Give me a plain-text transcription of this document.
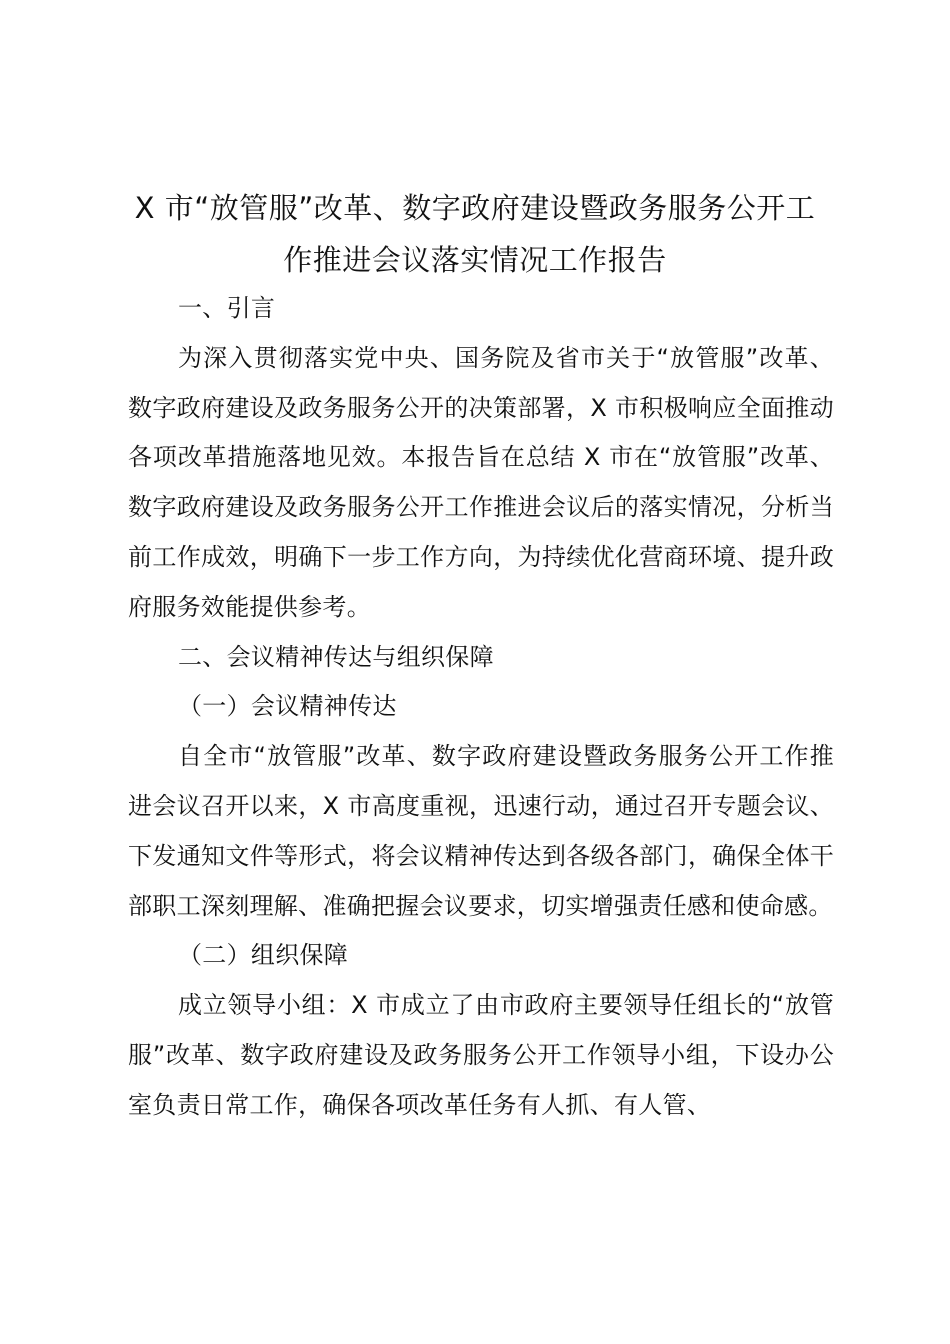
X 市“放管服”改革、数字政府建设暨政务服务公开工作推进会议落实情况工作报告
一、引言

为深入贯彻落实党中央、国务院及省市关于“放管服”改革、数字政府建设及政务服务公开的决策部署，X 市积极响应全面推动各项改革措施落地见效。本报告旨在总结 X 市在“放管服”改革、数字政府建设及政务服务公开工作推进会议后的落实情况，分析当前工作成效，明确下一步工作方向，为持续优化营商环境、提升政府服务效能提供参考。

二、会议精神传达与组织保障
（一）会议精神传达

自全市“放管服”改革、数字政府建设暨政务服务公开工作推进会议召开以来，X 市高度重视，迅速行动，通过召开专题会议、下发通知文件等形式，将会议精神传达到各级各部门，确保全体干部职工深刻理解、准确把握会议要求，切实增强责任感和使命感。

（二）组织保障

成立领导小组：X 市成立了由市政府主要领导任组长的“放管服”改革、数字政府建设及政务服务公开工作领导小组，下设办公室负责日常工作，确保各项改革任务有人抓、有人管、
